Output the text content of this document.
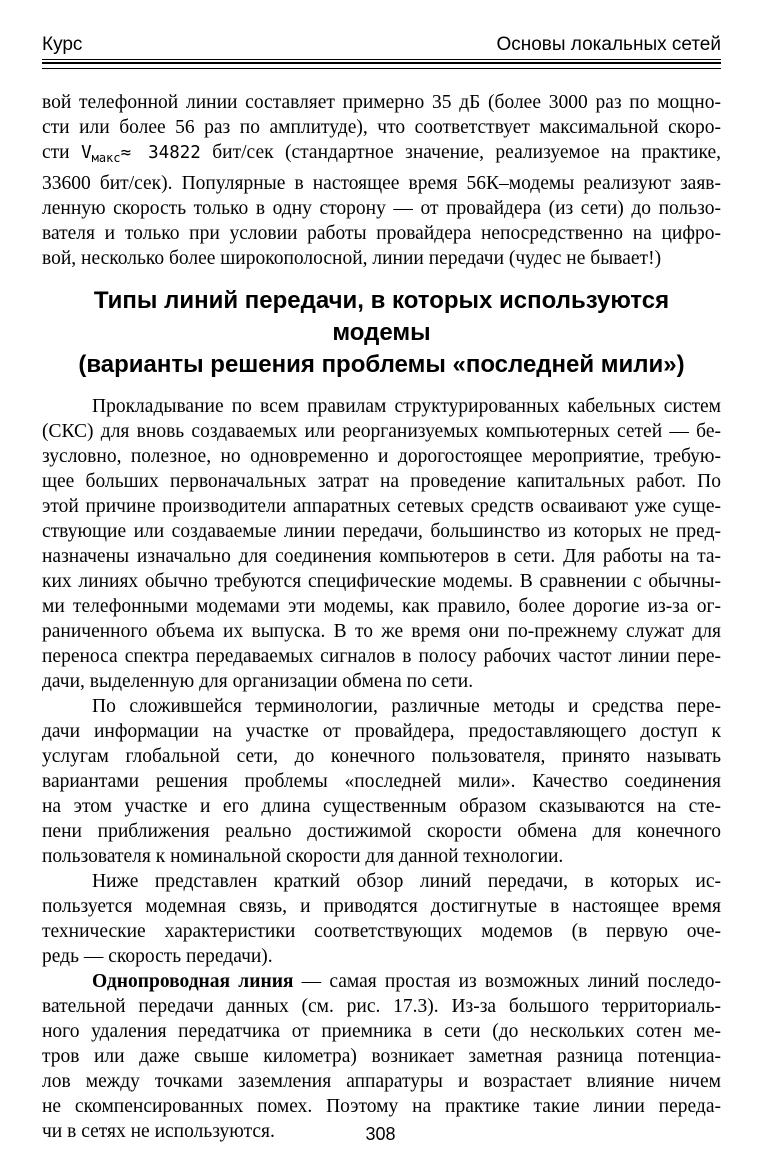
Курс	Основы локальных сетей
вой телефонной линии составляет примерно 35 дБ (более 3000 раз по мощно-
сти или более 56 раз по амплитуде), что соответствует максимальной скоро-
сти $V_{макс}\approx 34822$ бит/сек (стандартное значение, реализуемое на практике,
33600 бит/сек). Популярные в настоящее время 56К–модемы реализуют заяв-
ленную скорость только в одну сторону — от провайдера (из сети) до пользо-
вателя и только при условии работы провайдера непосредственно на цифро-
вой, несколько более широкополосной, линии передачи (чудес не бывает!)
Типы линий передачи, в которых используются модемы
(варианты решения проблемы «последней мили»)
Прокладывание по всем правилам структурированных кабельных систем
(СКС) для вновь создаваемых или реорганизуемых компьютерных сетей — бе-
зусловно, полезное, но одновременно и дорогостоящее мероприятие, требую-
щее больших первоначальных затрат на проведение капитальных работ. По
этой причине производители аппаратных сетевых средств осваивают уже суще-
ствующие или создаваемые линии передачи, большинство из которых не пред-
назначены изначально для соединения компьютеров в сети. Для работы на та-
ких линиях обычно требуются специфические модемы. В сравнении с обычны-
ми телефонными модемами эти модемы, как правило, более дорогие из-за ог-
раниченного объема их выпуска. В то же время они по-прежнему служат для
переноса спектра передаваемых сигналов в полосу рабочих частот линии пере-
дачи, выделенную для организации обмена по сети.
По сложившейся терминологии, различные методы и средства пере-
дачи информации на участке от провайдера, предоставляющего доступ к
услугам глобальной сети, до конечного пользователя, принято называть
вариантами решения проблемы «последней мили». Качество соединения
на этом участке и его длина существенным образом сказываются на сте-
пени приближения реально достижимой скорости обмена для конечного
пользователя к номинальной скорости для данной технологии.
Ниже представлен краткий обзор линий передачи, в которых ис-
пользуется модемная связь, и приводятся достигнутые в настоящее время
технические характеристики соответствующих модемов (в первую оче-
редь — скорость передачи).
Однопроводная линия — самая простая из возможных линий последо-
вательной передачи данных (см. рис. 17.3). Из-за большого территориаль-
ного удаления передатчика от приемника в сети (до нескольких сотен ме-
тров или даже свыше километра) возникает заметная разница потенциа-
лов между точками заземления аппаратуры и возрастает влияние ничем
не скомпенсированных помех. Поэтому на практике такие линии переда-
чи в сетях не используются.	308
